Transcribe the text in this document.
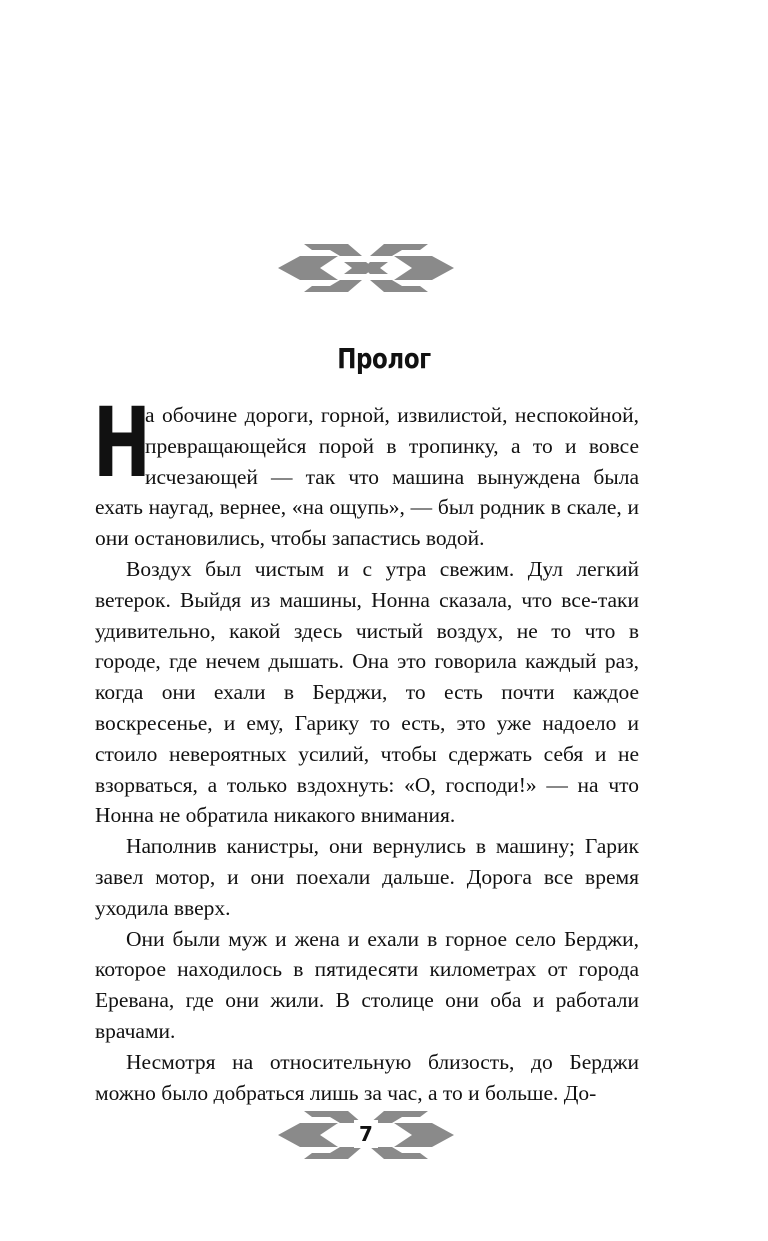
Пролог

Н
а обочине дороги, горной, извилистой, неспокойной, превращающейся порой в тропинку, а то и вовсе исчезающей — так что машина вынуждена была ехать наугад, вернее, «на ощупь», — был родник в скале, и они остановились, чтобы запастись водой.

Воздух был чистым и с утра свежим. Дул легкий ветерок. Выйдя из машины, Нонна сказала, что все-таки удивительно, какой здесь чистый воздух, не то что в городе, где нечем дышать. Она это говорила каждый раз, когда они ехали в Берджи, то есть почти каждое воскресенье, и ему, Гарику то есть, это уже надоело и стоило невероятных усилий, чтобы сдержать себя и не взорваться, а только вздохнуть: «О, господи!» — на что Нонна не обратила никакого внимания.

Наполнив канистры, они вернулись в машину; Гарик завел мотор, и они поехали дальше. Дорога все время уходила вверх.

Они были муж и жена и ехали в горное село Берджи, которое находилось в пятидесяти километрах от города Еревана, где они жили. В столице они оба и работали врачами.

Несмотря на относительную близость, до Берджи можно было добраться лишь за час, а то и больше. До-

7
